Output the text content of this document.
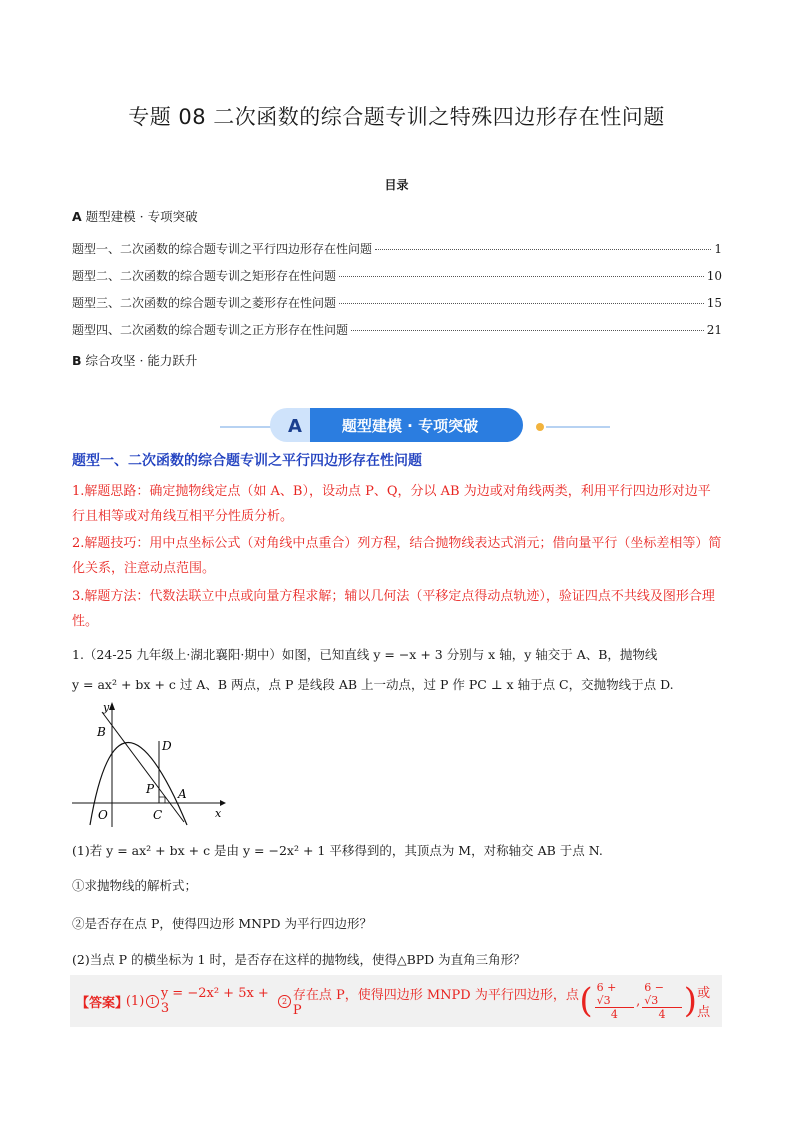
专题 08 二次函数的综合题专训之特殊四边形存在性问题
目录
A 题型建模 · 专项突破
题型一、二次函数的综合题专训之平行四边形存在性问题	1
题型二、二次函数的综合题专训之矩形存在性问题	10
题型三、二次函数的综合题专训之菱形存在性问题	15
题型四、二次函数的综合题专训之正方形存在性问题	21
B 综合攻坚 · 能力跃升
A	题型建模 · 专项突破
题型一、二次函数的综合题专训之平行四边形存在性问题
1.解题思路：确定抛物线定点（如 A、B），设动点 P、Q，分以 AB 为边或对角线两类，利用平行四边形对边平行且相等或对角线互相平分性质分析。
2.解题技巧：用中点坐标公式（对角线中点重合）列方程，结合抛物线表达式消元；借向量平行（坐标差相等）简化关系，注意动点范围。
3.解题方法：代数法联立中点或向量方程求解；辅以几何法（平移定点得动点轨迹），验证四点不共线及图形合理性。
1.（24-25 九年级上·湖北襄阳·期中）如图，已知直线 y = −x + 3 分别与 x 轴，y 轴交于 A、B，抛物线
y = ax² + bx + c 过 A、B 两点，点 P 是线段 AB 上一动点，过 P 作 PC ⊥ x 轴于点 C，交抛物线于点 D.
y
x
B
D
P A
O	C
(1)若 y = ax² + bx + c 是由 y = −2x² + 1 平移得到的，其顶点为 M，对称轴交 AB 于点 N.
①求抛物线的解析式；
②是否存在点 P，使得四边形 MNPD 为平行四边形？
(2)当点 P 的横坐标为 1 时，是否存在这样的抛物线，使得△BPD 为直角三角形？
【答案】
(1) 1 y = −2x² + 5x + 3	2 存在点 P，使得四边形 MNPD 为平行四边形，点 P	( $\frac{6 + √3}{4}$ , $\frac{6 - √3}{4}$ ) 或点
